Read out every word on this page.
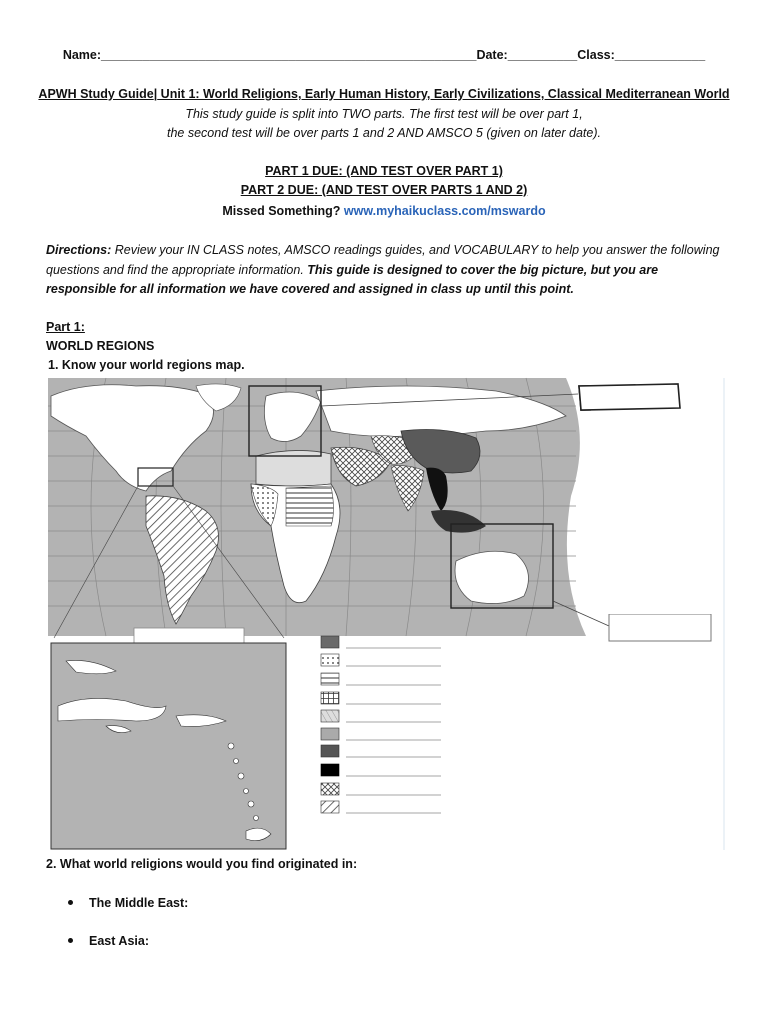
Name:______________________________________________________Date:__________Class:_____________
APWH Study Guide| Unit 1: World Religions, Early Human History, Early Civilizations, Classical Mediterranean World
This study guide is split into TWO parts. The first test will be over part 1,
the second test will be over parts 1 and 2 AND AMSCO 5 (given on later date).
PART 1 DUE: (AND TEST OVER PART 1)
PART 2 DUE: (AND TEST OVER PARTS 1 AND 2)
Missed Something? www.myhaikuclass.com/mswardo
Directions: Review your IN CLASS notes, AMSCO readings guides, and VOCABULARY to help you answer the following questions and find the appropriate information. This guide is designed to cover the big picture, but you are responsible for all information we have covered and assigned in class up until this point.
Part 1:
WORLD REGIONS
1. Know your world regions map.
2. What world religions would you find originated in:
The Middle East:
East Asia:
